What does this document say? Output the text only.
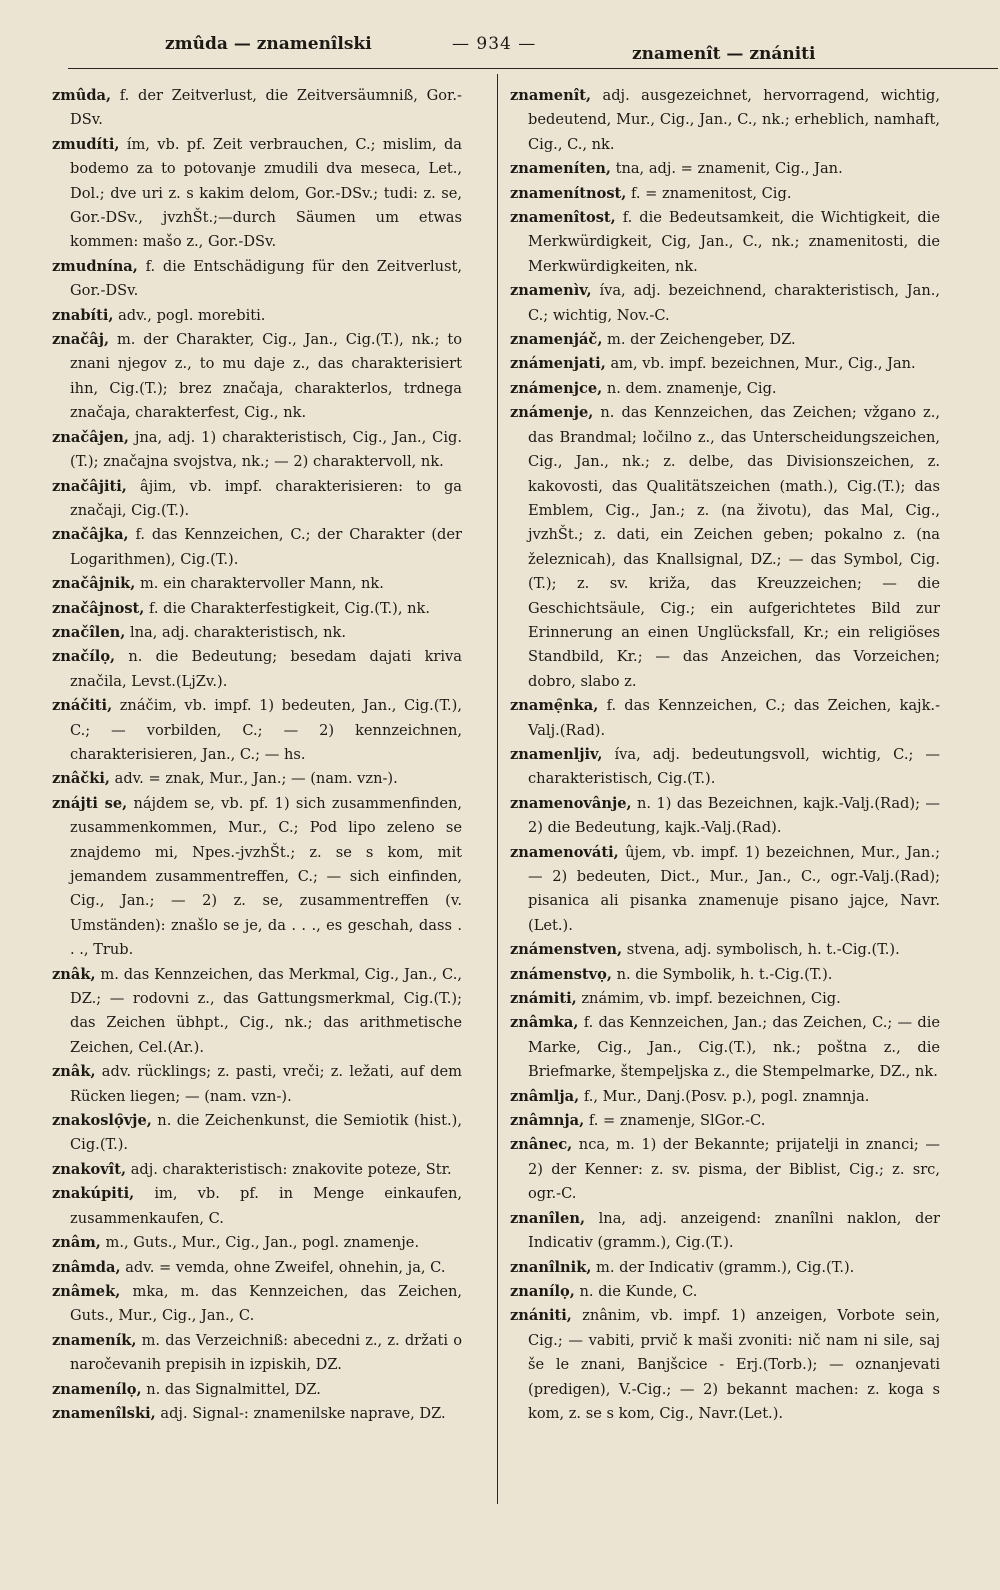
zmûda — znamenîlski	— 934 —	znamenît — znániti

zmûda, f. der Zeitverlust, die Zeitversäumniß, Gor.-DSv.

zmudíti, ím, vb. pf. Zeit verbrauchen, C.; mislim, da bodemo za to potovanje zmudili dva meseca, Let., Dol.; dve uri z. s kakim delom, Gor.-DSv.; tudi: z. se, Gor.-DSv., jvzhŠt.;—durch Säumen um etwas kommen: mašo z., Gor.-DSv.

zmudnína, f. die Entschädigung für den Zeitverlust, Gor.-DSv.

znabíti, adv., pogl. morebiti.

značâj, m. der Charakter, Cig., Jan., Cig.(T.), nk.; to znani njegov z., to mu daje z., das charakterisiert ihn, Cig.(T.); brez značaja, charakterlos, trdnega značaja, charakterfest, Cig., nk.

značâjen, jna, adj. 1) charakteristisch, Cig., Jan., Cig.(T.); značajna svojstva, nk.; — 2) charaktervoll, nk.

značâjiti, âjim, vb. impf. charakterisieren: to ga značaji, Cig.(T.).

značâjka, f. das Kennzeichen, C.; der Charakter (der Logarithmen), Cig.(T.).

značâjnik, m. ein charaktervoller Mann, nk.

značâjnost, f. die Charakterfestigkeit, Cig.(T.), nk.

značîlen, lna, adj. charakteristisch, nk.

značílọ, n. die Bedeutung; besedam dajati kriva značila, Levst.(LjZv.).

znáčiti, znáčim, vb. impf. 1) bedeuten, Jan., Cig.(T.), C.; — vorbilden, C.; — 2) kennzeichnen, charakterisieren, Jan., C.; — hs.

znâčki, adv. = znak, Mur., Jan.; — (nam. vzn-).

znájti se, nájdem se, vb. pf. 1) sich zusammenfinden, zusammenkommen, Mur., C.; Pod lipo zeleno se znajdemo mi, Npes.-jvzhŠt.; z. se s kom, mit jemandem zusammentreffen, C.; — sich einfinden, Cig., Jan.; — 2) z. se, zusammentreffen (v. Umständen): znašlo se je, da . . ., es geschah, dass . . ., Trub.

znâk, m. das Kennzeichen, das Merkmal, Cig., Jan., C., DZ.; — rodovni z., das Gattungsmerkmal, Cig.(T.); das Zeichen übhpt., Cig., nk.; das arithmetische Zeichen, Cel.(Ar.).

znâk, adv. rücklings; z. pasti, vreči; z. ležati, auf dem Rücken liegen; — (nam. vzn-).

znakoslọ̑vje, n. die Zeichenkunst, die Semiotik (hist.), Cig.(T.).

znakovît, adj. charakteristisch: znakovite poteze, Str.

znakúpiti, im, vb. pf. in Menge einkaufen, zusammenkaufen, C.

znâm, m., Guts., Mur., Cig., Jan., pogl. znamenje.

znâmda, adv. = vemda, ohne Zweifel, ohnehin, ja, C.

znâmek, mka, m. das Kennzeichen, das Zeichen, Guts., Mur., Cig., Jan., C.

znameník, m. das Verzeichniß: abecedni z., z. držati o naročevanih prepisih in izpiskih, DZ.

znamenílọ, n. das Signalmittel, DZ.

znamenîlski, adj. Signal-: znamenilske naprave, DZ.

znamenît, adj. ausgezeichnet, hervorragend, wichtig, bedeutend, Mur., Cig., Jan., C., nk.; erheblich, namhaft, Cig., C., nk.

znameníten, tna, adj. = znamenit, Cig., Jan.

znamenítnost, f. = znamenitost, Cig.

znamenîtost, f. die Bedeutsamkeit, die Wichtigkeit, die Merkwürdigkeit, Cig, Jan., C., nk.; znamenitosti, die Merkwürdigkeiten, nk.

znamenìv, íva, adj. bezeichnend, charakteristisch, Jan., C.; wichtig, Nov.-C.

znamenjáč, m. der Zeichengeber, DZ.

známenjati, am, vb. impf. bezeichnen, Mur., Cig., Jan.

známenjce, n. dem. znamenje, Cig.

známenje, n. das Kennzeichen, das Zeichen; vžgano z., das Brandmal; ločilno z., das Unterscheidungszeichen, Cig., Jan., nk.; z. delbe, das Divisionszeichen, z. kakovosti, das Qualitätszeichen (math.), Cig.(T.); das Emblem, Cig., Jan.; z. (na životu), das Mal, Cig., jvzhŠt.; z. dati, ein Zeichen geben; pokalno z. (na železnicah), das Knallsignal, DZ.; — das Symbol, Cig.(T.); z. sv. križa, das Kreuzzeichen; — die Geschichtsäule, Cig.; ein aufgerichtetes Bild zur Erinnerung an einen Unglücksfall, Kr.; ein religiöses Standbild, Kr.; — das Anzeichen, das Vorzeichen; dobro, slabo z.

znamẹ̑nka, f. das Kennzeichen, C.; das Zeichen, kajk.-Valj.(Rad).

znamenljiv, íva, adj. bedeutungsvoll, wichtig, C.; — charakteristisch, Cig.(T.).

znamenovânje, n. 1) das Bezeichnen, kajk.-Valj.(Rad); — 2) die Bedeutung, kajk.-Valj.(Rad).

znamenováti, ûjem, vb. impf. 1) bezeichnen, Mur., Jan.; — 2) bedeuten, Dict., Mur., Jan., C., ogr.-Valj.(Rad); pisanica ali pisanka znamenuje pisano jajce, Navr.(Let.).

známenstven, stvena, adj. symbolisch, h. t.-Cig.(T.).

známenstvọ, n. die Symbolik, h. t.-Cig.(T.).

známiti, známim, vb. impf. bezeichnen, Cig.

znâmka, f. das Kennzeichen, Jan.; das Zeichen, C.; — die Marke, Cig., Jan., Cig.(T.), nk.; poštna z., die Briefmarke, štempeljska z., die Stempelmarke, DZ., nk.

znâmlja, f., Mur., Danj.(Posv. p.), pogl. znamnja.

znâmnja, f. = znamenje, SlGor.-C.

znânec, nca, m. 1) der Bekannte; prijatelji in znanci; — 2) der Kenner: z. sv. pisma, der Biblist, Cig.; z. src, ogr.-C.

znanîlen, lna, adj. anzeigend: znanîlni naklon, der Indicativ (gramm.), Cig.(T.).

znanîlnik, m. der Indicativ (gramm.), Cig.(T.).

znanílọ, n. die Kunde, C.

znániti, znânim, vb. impf. 1) anzeigen, Vorbote sein, Cig.; — vabiti, prvič k maši zvoniti: nič nam ni sile, saj še le znani, Banjšcice - Erj.(Torb.); — oznanjevati (predigen), V.-Cig.; — 2) bekannt machen: z. koga s kom, z. se s kom, Cig., Navr.(Let.).
